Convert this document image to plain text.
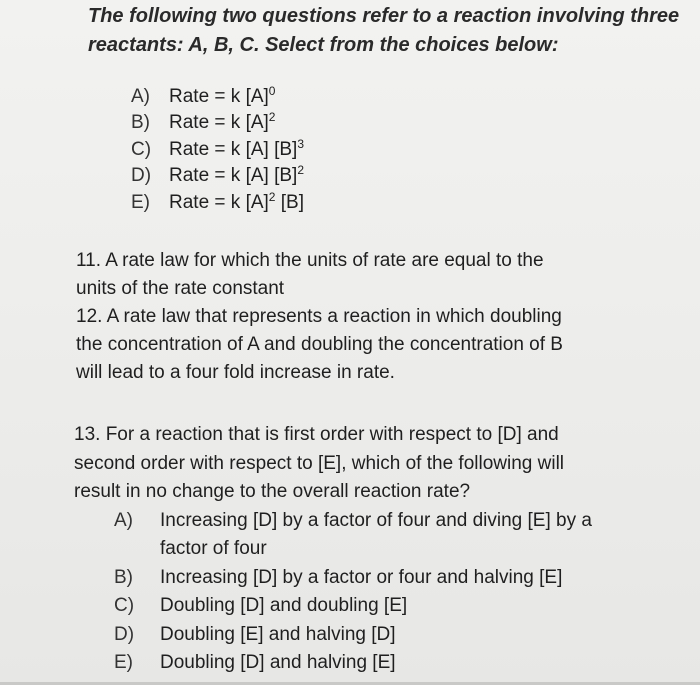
The following two questions refer to a reaction involving three
reactants: A, B, C. Select from the choices below:
A) Rate = k $[A]^0$
B) Rate = k $[A]^2$
C) Rate = k [A] $[B]^3$
D) Rate = k [A] $[B]^2$
E) Rate = k $[A]^2$ [B]
11. A rate law for which the units of rate are equal to the
units of the rate constant
12. A rate law that represents a reaction in which doubling
the concentration of A and doubling the concentration of B
will lead to a four fold increase in rate.
13. For a reaction that is first order with respect to [D] and
second order with respect to [E], which of the following will
result in no change to the overall reaction rate?
A) Increasing [D] by a factor of four and diving [E] by a
factor of four
B) Increasing [D] by a factor or four and halving [E]
C) Doubling [D] and doubling [E]
D) Doubling [E] and halving [D]
E) Doubling [D] and halving [E]
